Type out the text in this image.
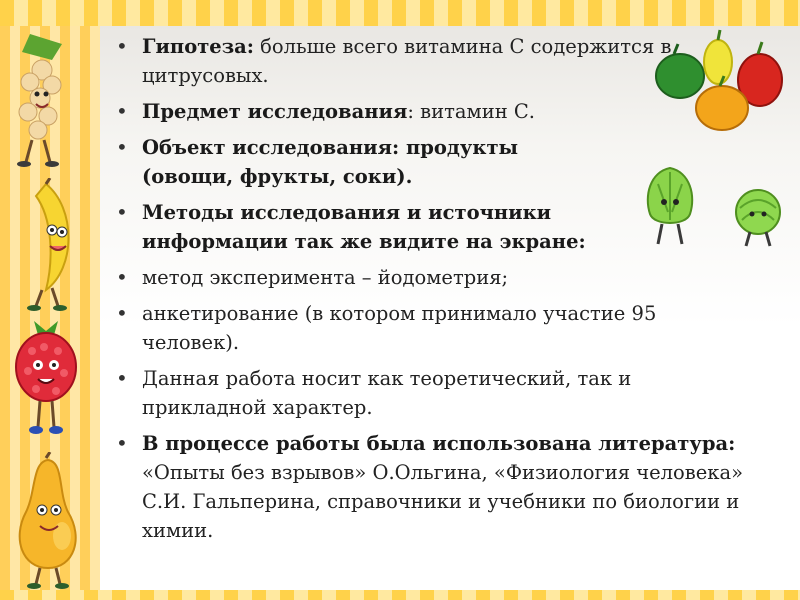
• Гипотеза: больше всего витамина С содержится в цитрусовых.
• Предмет исследования: витамин С.
• Объект исследования: продукты (овощи, фрукты, соки).
• Методы исследования и источники информации так же видите на экране:
• метод эксперимента – йодометрия;
• анкетирование (в котором принимало участие 95 человек).
• Данная работа носит как теоретический, так и прикладной характер.
• В процессе работы была использована литература: «Опыты без взрывов» О.Ольгина, «Физиология человека» С.И. Гальперина, справочники и учебники по биологии и химии.
